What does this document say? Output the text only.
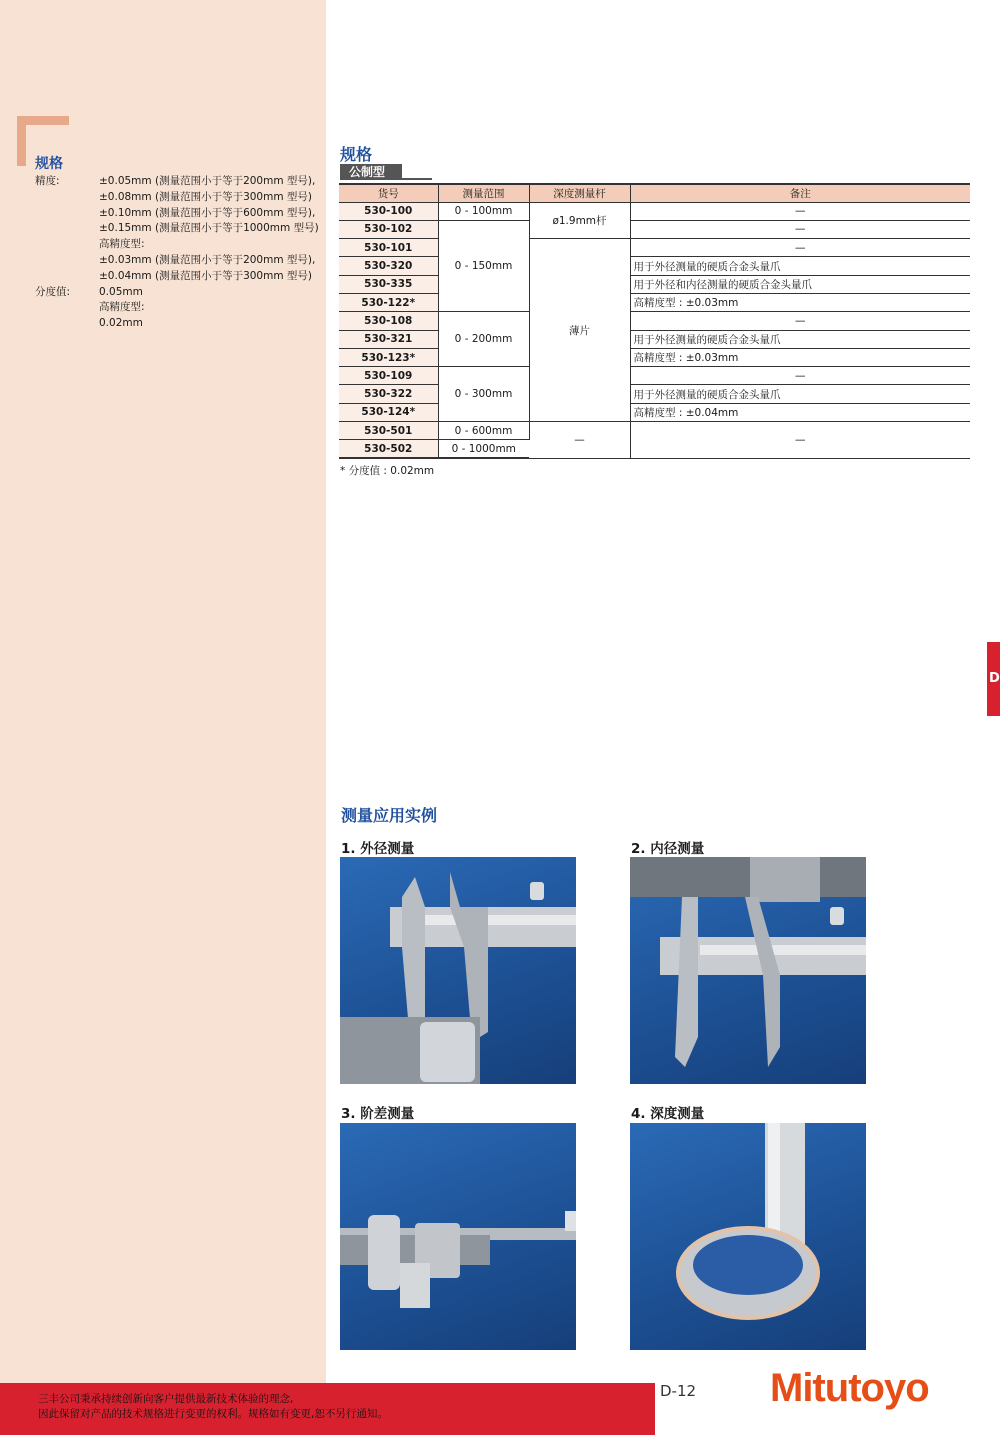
规格
精度:	±0.05mm (测量范围小于等于200mm 型号),
±0.08mm (测量范围小于等于300mm 型号)
±0.10mm (测量范围小于等于600mm 型号),
±0.15mm (测量范围小于等于1000mm 型号)
高精度型:
±0.03mm (测量范围小于等于200mm 型号),
±0.04mm (测量范围小于等于300mm 型号)
分度值:	0.05mm
高精度型:
0.02mm
规格
公制型
货号	测量范围	深度测量杆	备注
530-100	0 - 100mm	ø1.9mm杆	—
530-102	0 - 150mm		—
530-101		薄片	—
530-320			用于外径测量的硬质合金头量爪
530-335			用于外径和内径测量的硬质合金头量爪
530-122*			高精度型 : ±0.03mm
530-108	0 - 200mm		—
530-321			用于外径测量的硬质合金头量爪
530-123*			高精度型 : ±0.03mm
530-109	0 - 300mm		—
530-322			用于外径测量的硬质合金头量爪
530-124*			高精度型 : ±0.04mm
530-501	0 - 600mm	—	—
530-502	0 - 1000mm		
* 分度值 : 0.02mm
D
测量应用实例
1. 外径测量	2. 内径测量
3. 阶差测量	4. 深度测量
三丰公司秉承持续创新向客户提供最新技术体验的理念,
因此保留对产品的技术规格进行变更的权利。规格如有变更,恕不另行通知。
D-12 Mitutoyo
